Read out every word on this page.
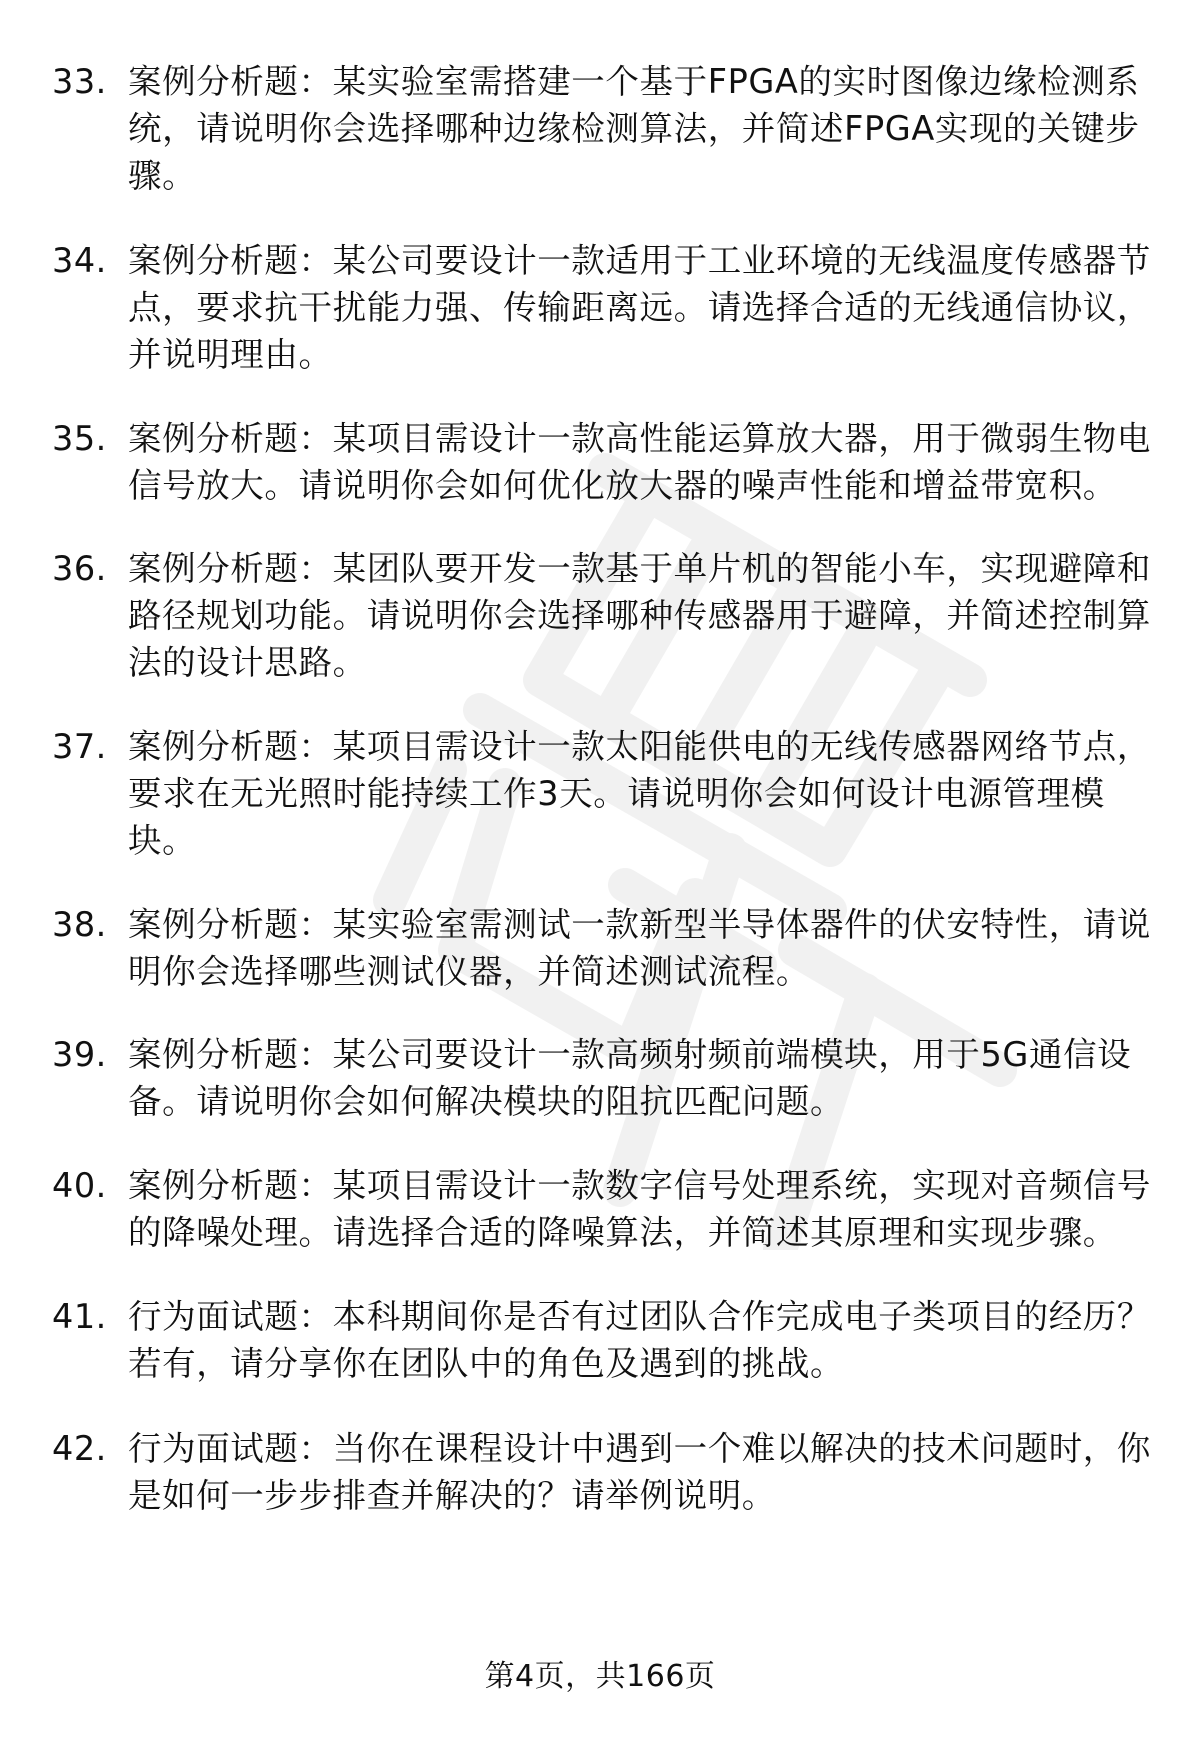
33. 案例分析题：某实验室需搭建一个基于FPGA的实时图像边缘检测系统，请说明你会选择哪种边缘检测算法，并简述FPGA实现的关键步骤。
34. 案例分析题：某公司要设计一款适用于工业环境的无线温度传感器节点，要求抗干扰能力强、传输距离远。请选择合适的无线通信协议，并说明理由。
35. 案例分析题：某项目需设计一款高性能运算放大器，用于微弱生物电信号放大。请说明你会如何优化放大器的噪声性能和增益带宽积。
36. 案例分析题：某团队要开发一款基于单片机的智能小车，实现避障和路径规划功能。请说明你会选择哪种传感器用于避障，并简述控制算法的设计思路。
37. 案例分析题：某项目需设计一款太阳能供电的无线传感器网络节点，要求在无光照时能持续工作3天。请说明你会如何设计电源管理模块。
38. 案例分析题：某实验室需测试一款新型半导体器件的伏安特性，请说明你会选择哪些测试仪器，并简述测试流程。
39. 案例分析题：某公司要设计一款高频射频前端模块，用于5G通信设备。请说明你会如何解决模块的阻抗匹配问题。
40. 案例分析题：某项目需设计一款数字信号处理系统，实现对音频信号的降噪处理。请选择合适的降噪算法，并简述其原理和实现步骤。
41. 行为面试题：本科期间你是否有过团队合作完成电子类项目的经历？若有，请分享你在团队中的角色及遇到的挑战。
42. 行为面试题：当你在课程设计中遇到一个难以解决的技术问题时，你是如何一步步排查并解决的？请举例说明。
第4页，共166页
